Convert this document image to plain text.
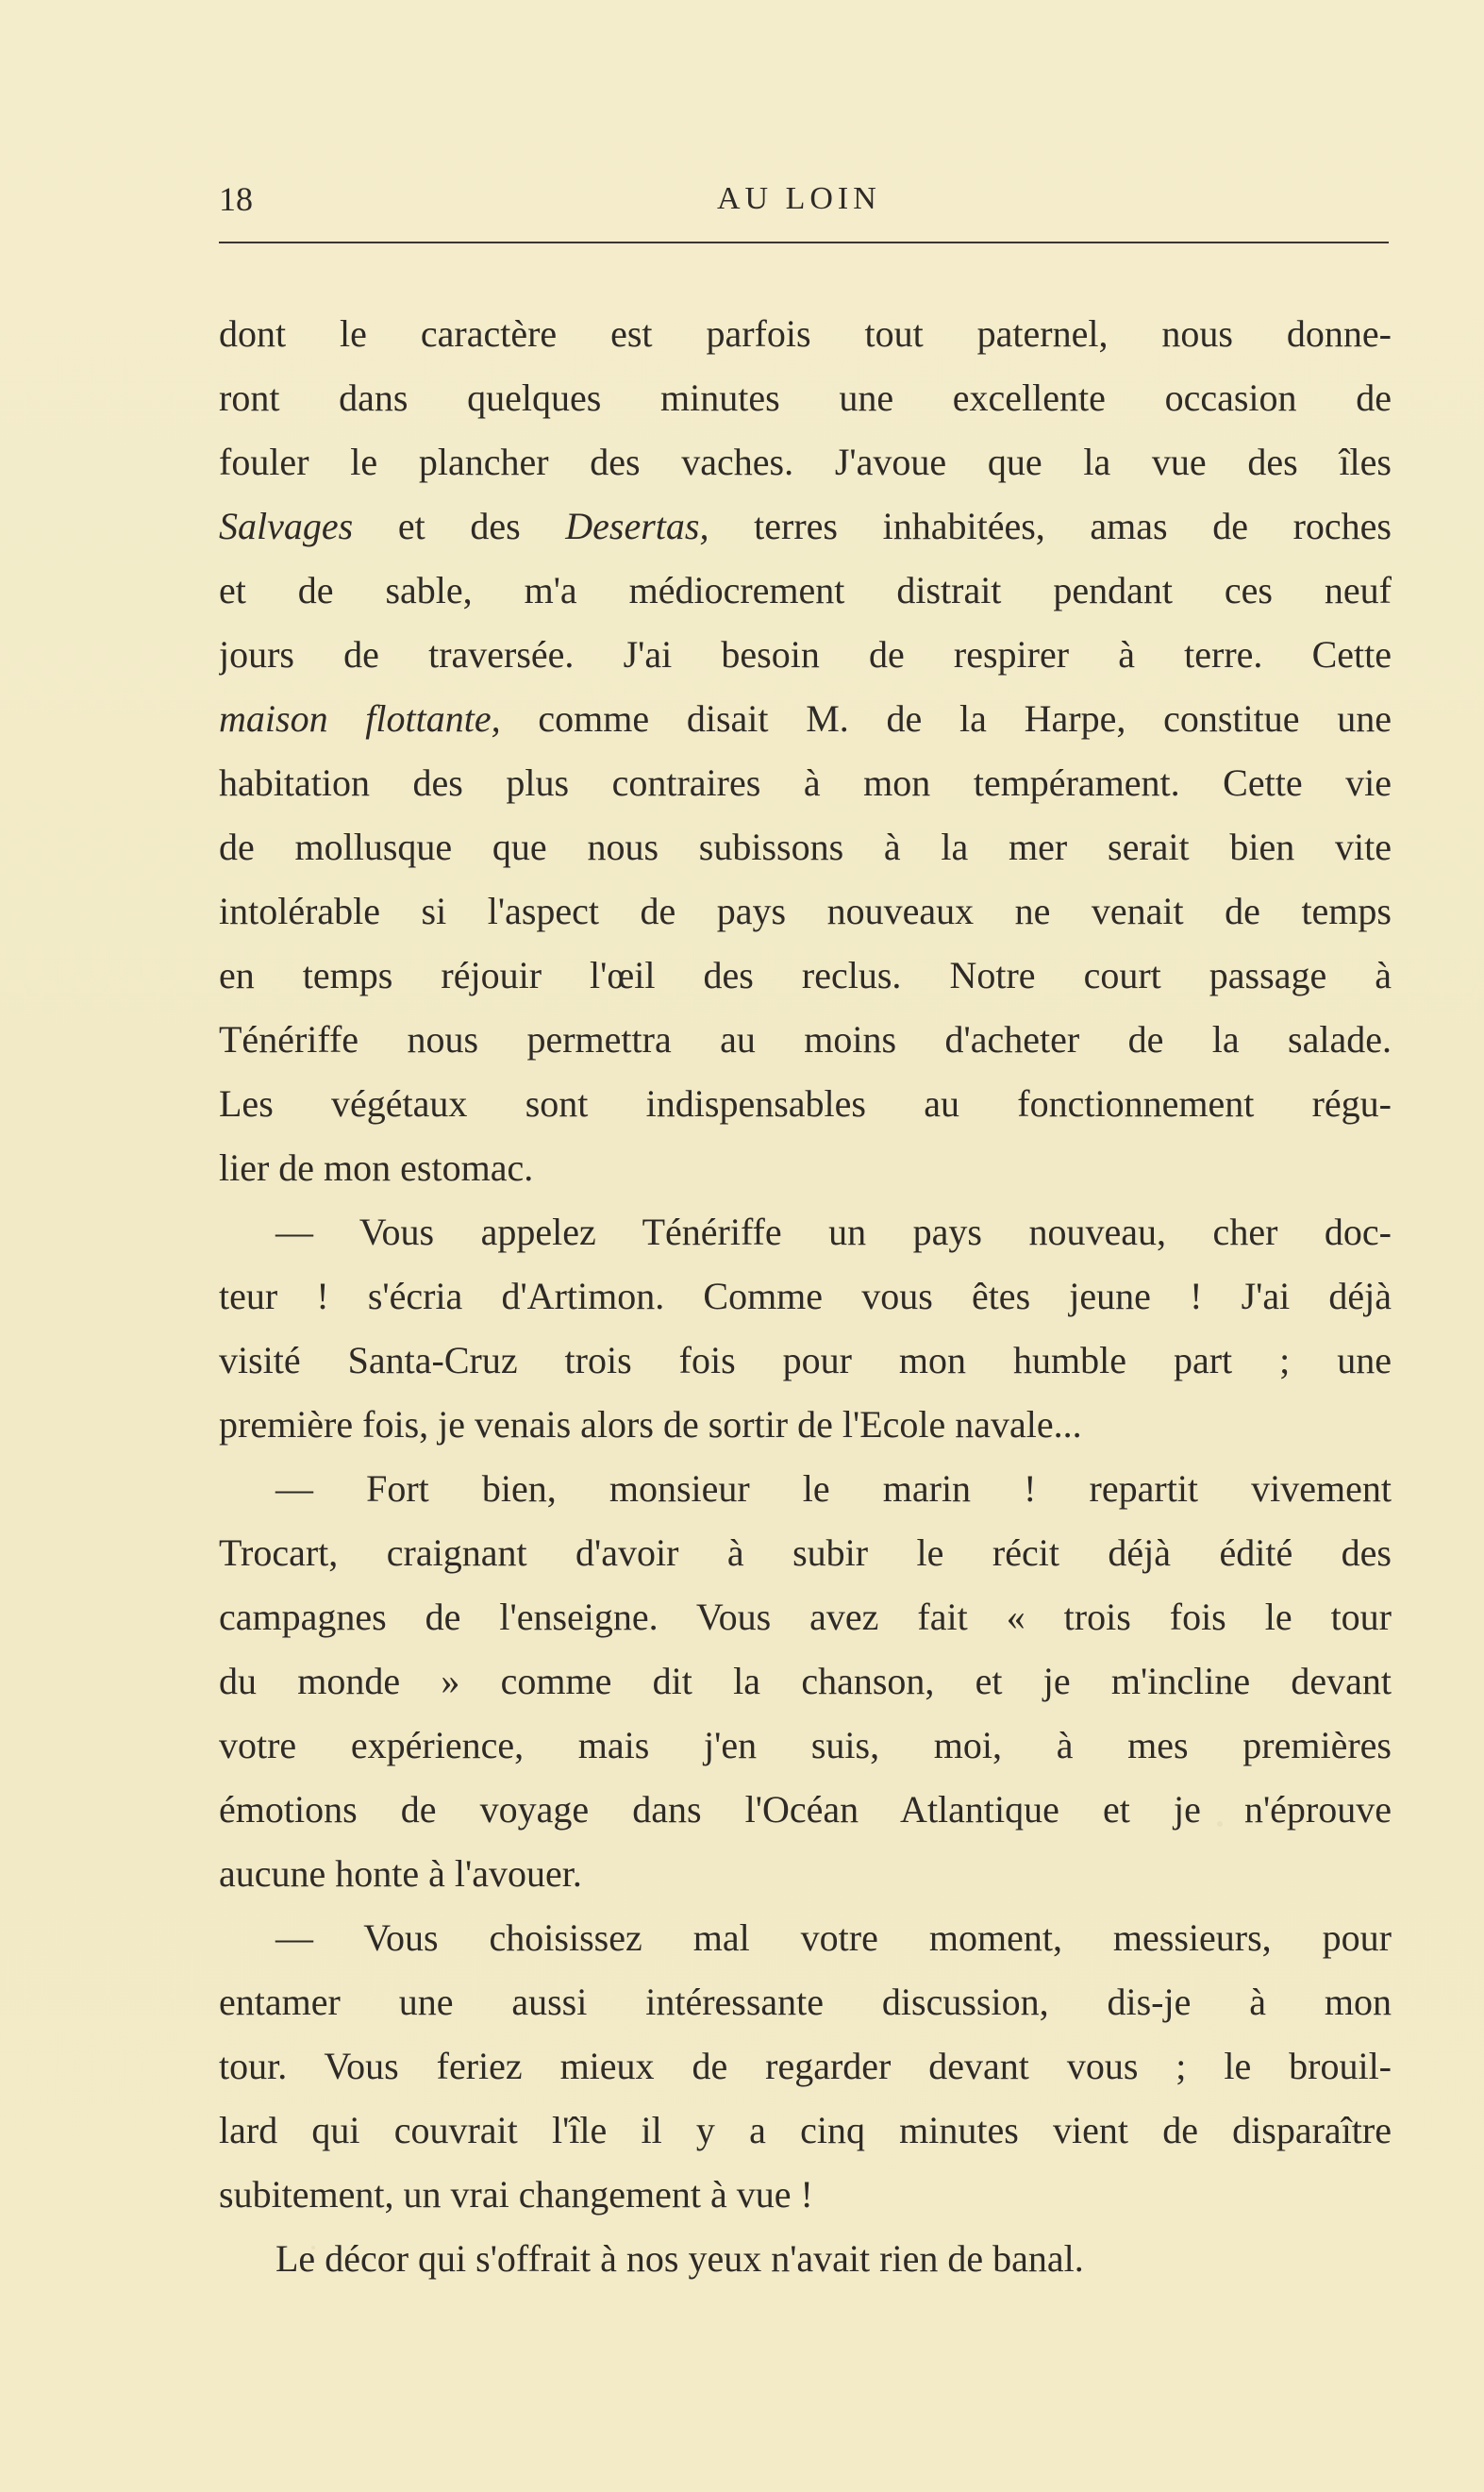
18	AU LOIN
dont le caractère est parfois tout paternel, nous donne-
ront dans quelques minutes une excellente occasion de
fouler le plancher des vaches. J'avoue que la vue des îles
Salvages et des Desertas, terres inhabitées, amas de roches
et de sable, m'a médiocrement distrait pendant ces neuf
jours de traversée. J'ai besoin de respirer à terre. Cette
maison flottante, comme disait M. de la Harpe, constitue une
habitation des plus contraires à mon tempérament. Cette vie
de mollusque que nous subissons à la mer serait bien vite
intolérable si l'aspect de pays nouveaux ne venait de temps
en temps réjouir l'œil des reclus. Notre court passage à
Ténériffe nous permettra au moins d'acheter de la salade.
Les végétaux sont indispensables au fonctionnement régu-
lier de mon estomac.
— Vous appelez Ténériffe un pays nouveau, cher doc-
teur ! s'écria d'Artimon. Comme vous êtes jeune ! J'ai déjà
visité Santa-Cruz trois fois pour mon humble part ; une
première fois, je venais alors de sortir de l'Ecole navale...
— Fort bien, monsieur le marin ! repartit vivement
Trocart, craignant d'avoir à subir le récit déjà édité des
campagnes de l'enseigne. Vous avez fait « trois fois le tour
du monde » comme dit la chanson, et je m'incline devant
votre expérience, mais j'en suis, moi, à mes premières
émotions de voyage dans l'Océan Atlantique et je n'éprouve
aucune honte à l'avouer.
— Vous choisissez mal votre moment, messieurs, pour
entamer une aussi intéressante discussion, dis-je à mon
tour. Vous feriez mieux de regarder devant vous ; le brouil-
lard qui couvrait l'île il y a cinq minutes vient de disparaître
subitement, un vrai changement à vue !
Le décor qui s'offrait à nos yeux n'avait rien de banal.
